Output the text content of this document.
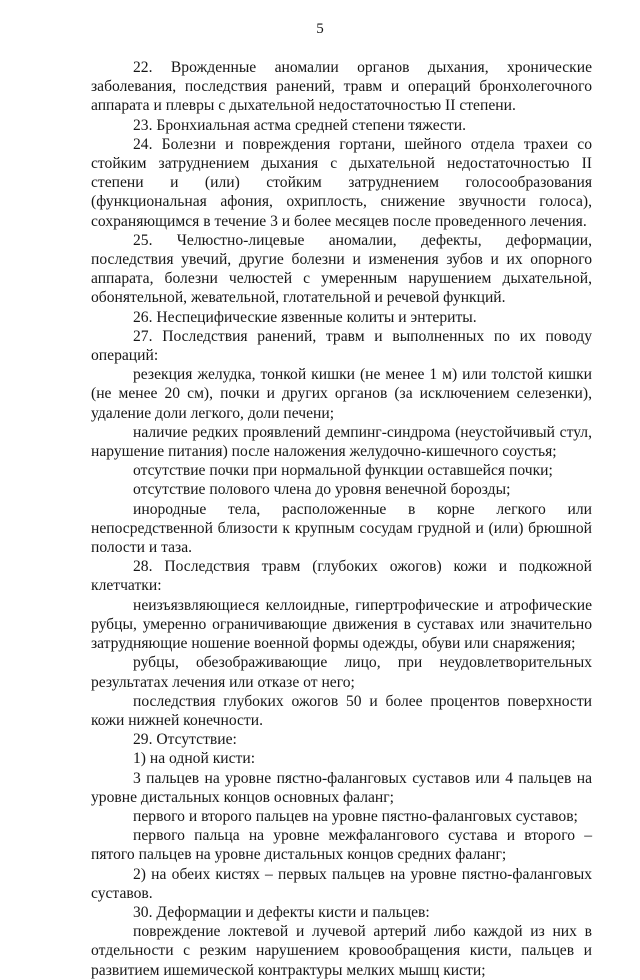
5

22. Врожденные аномалии органов дыхания, хронические заболевания, последствия ранений, травм и операций бронхолегочного аппарата и плевры с дыхательной недостаточностью II степени.

23. Бронхиальная астма средней степени тяжести.

24. Болезни и повреждения гортани, шейного отдела трахеи со стойким затруднением дыхания с дыхательной недостаточностью II степени и (или) стойким затруднением голосообразования (функциональная афония, охриплость, снижение звучности голоса), сохраняющимся в течение 3 и более месяцев после проведенного лечения.

25. Челюстно-лицевые аномалии, дефекты, деформации, последствия увечий, другие болезни и изменения зубов и их опорного аппарата, болезни челюстей с умеренным нарушением дыхательной, обонятельной, жевательной, глотательной и речевой функций.

26. Неспецифические язвенные колиты и энтериты.

27. Последствия ранений, травм и выполненных по их поводу операций:

резекция желудка, тонкой кишки (не менее 1 м) или толстой кишки (не менее 20 см), почки и других органов (за исключением селезенки), удаление доли легкого, доли печени;

наличие редких проявлений демпинг-синдрома (неустойчивый стул, нарушение питания) после наложения желудочно-кишечного соустья;

отсутствие почки при нормальной функции оставшейся почки;

отсутствие полового члена до уровня венечной борозды;

инородные тела, расположенные в корне легкого или непосредственной близости к крупным сосудам грудной и (или) брюшной полости и таза.

28. Последствия травм (глубоких ожогов) кожи и подкожной клетчатки:

неизъязвляющиеся келлоидные, гипертрофические и атрофические рубцы, умеренно ограничивающие движения в суставах или значительно затрудняющие ношение военной формы одежды, обуви или снаряжения;

рубцы, обезображивающие лицо, при неудовлетворительных результатах лечения или отказе от него;

последствия глубоких ожогов 50 и более процентов поверхности кожи нижней конечности.

29. Отсутствие:

1) на одной кисти:

3 пальцев на уровне пястно-фаланговых суставов или 4 пальцев на уровне дистальных концов основных фаланг;

первого и второго пальцев на уровне пястно-фаланговых суставов;

первого пальца на уровне межфалангового сустава и второго – пятого пальцев на уровне дистальных концов средних фаланг;

2) на обеих кистях – первых пальцев на уровне пястно-фаланговых суставов.

30. Деформации и дефекты кисти и пальцев:

повреждение локтевой и лучевой артерий либо каждой из них в отдельности с резким нарушением кровообращения кисти, пальцев и развитием ишемической контрактуры мелких мышц кисти;
